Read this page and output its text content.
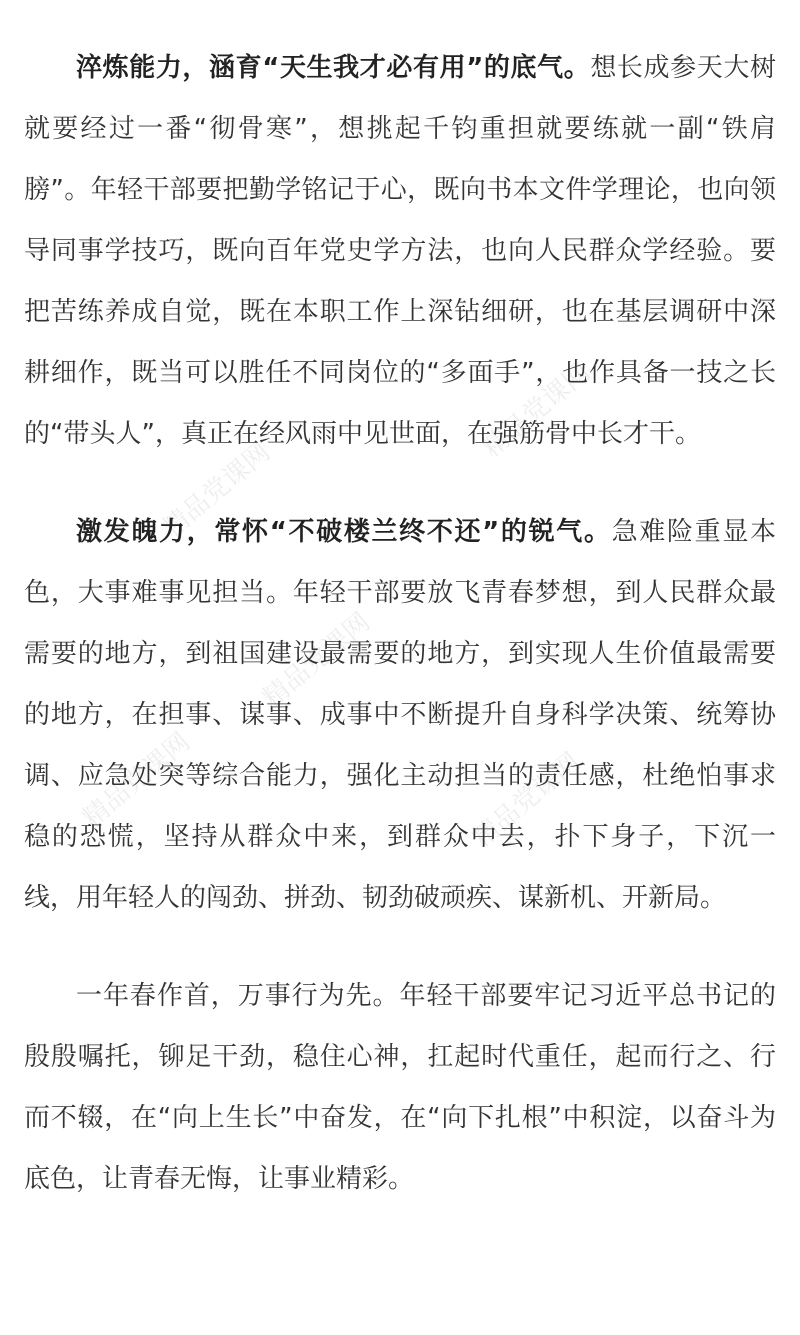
精品党课网
精品党课网
精品党课网
精品党课网	精品党课网

淬炼能力，涵育“天生我才必有用”的底气。想长成参天大树就要经过一番“彻骨寒”，想挑起千钧重担就要练就一副“铁肩膀”。年轻干部要把勤学铭记于心，既向书本文件学理论，也向领导同事学技巧，既向百年党史学方法，也向人民群众学经验。要把苦练养成自觉，既在本职工作上深钻细研，也在基层调研中深耕细作，既当可以胜任不同岗位的“多面手”，也作具备一技之长的“带头人”，真正在经风雨中见世面，在强筋骨中长才干。

激发魄力，常怀“不破楼兰终不还”的锐气。急难险重显本色，大事难事见担当。年轻干部要放飞青春梦想，到人民群众最需要的地方，到祖国建设最需要的地方，到实现人生价值最需要的地方，在担事、谋事、成事中不断提升自身科学决策、统筹协调、应急处突等综合能力，强化主动担当的责任感，杜绝怕事求稳的恐慌，坚持从群众中来，到群众中去，扑下身子，下沉一线，用年轻人的闯劲、拼劲、韧劲破顽疾、谋新机、开新局。

一年春作首，万事行为先。年轻干部要牢记习近平总书记的殷殷嘱托，铆足干劲，稳住心神，扛起时代重任，起而行之、行而不辍，在“向上生长”中奋发，在“向下扎根”中积淀，以奋斗为底色，让青春无悔，让事业精彩。
